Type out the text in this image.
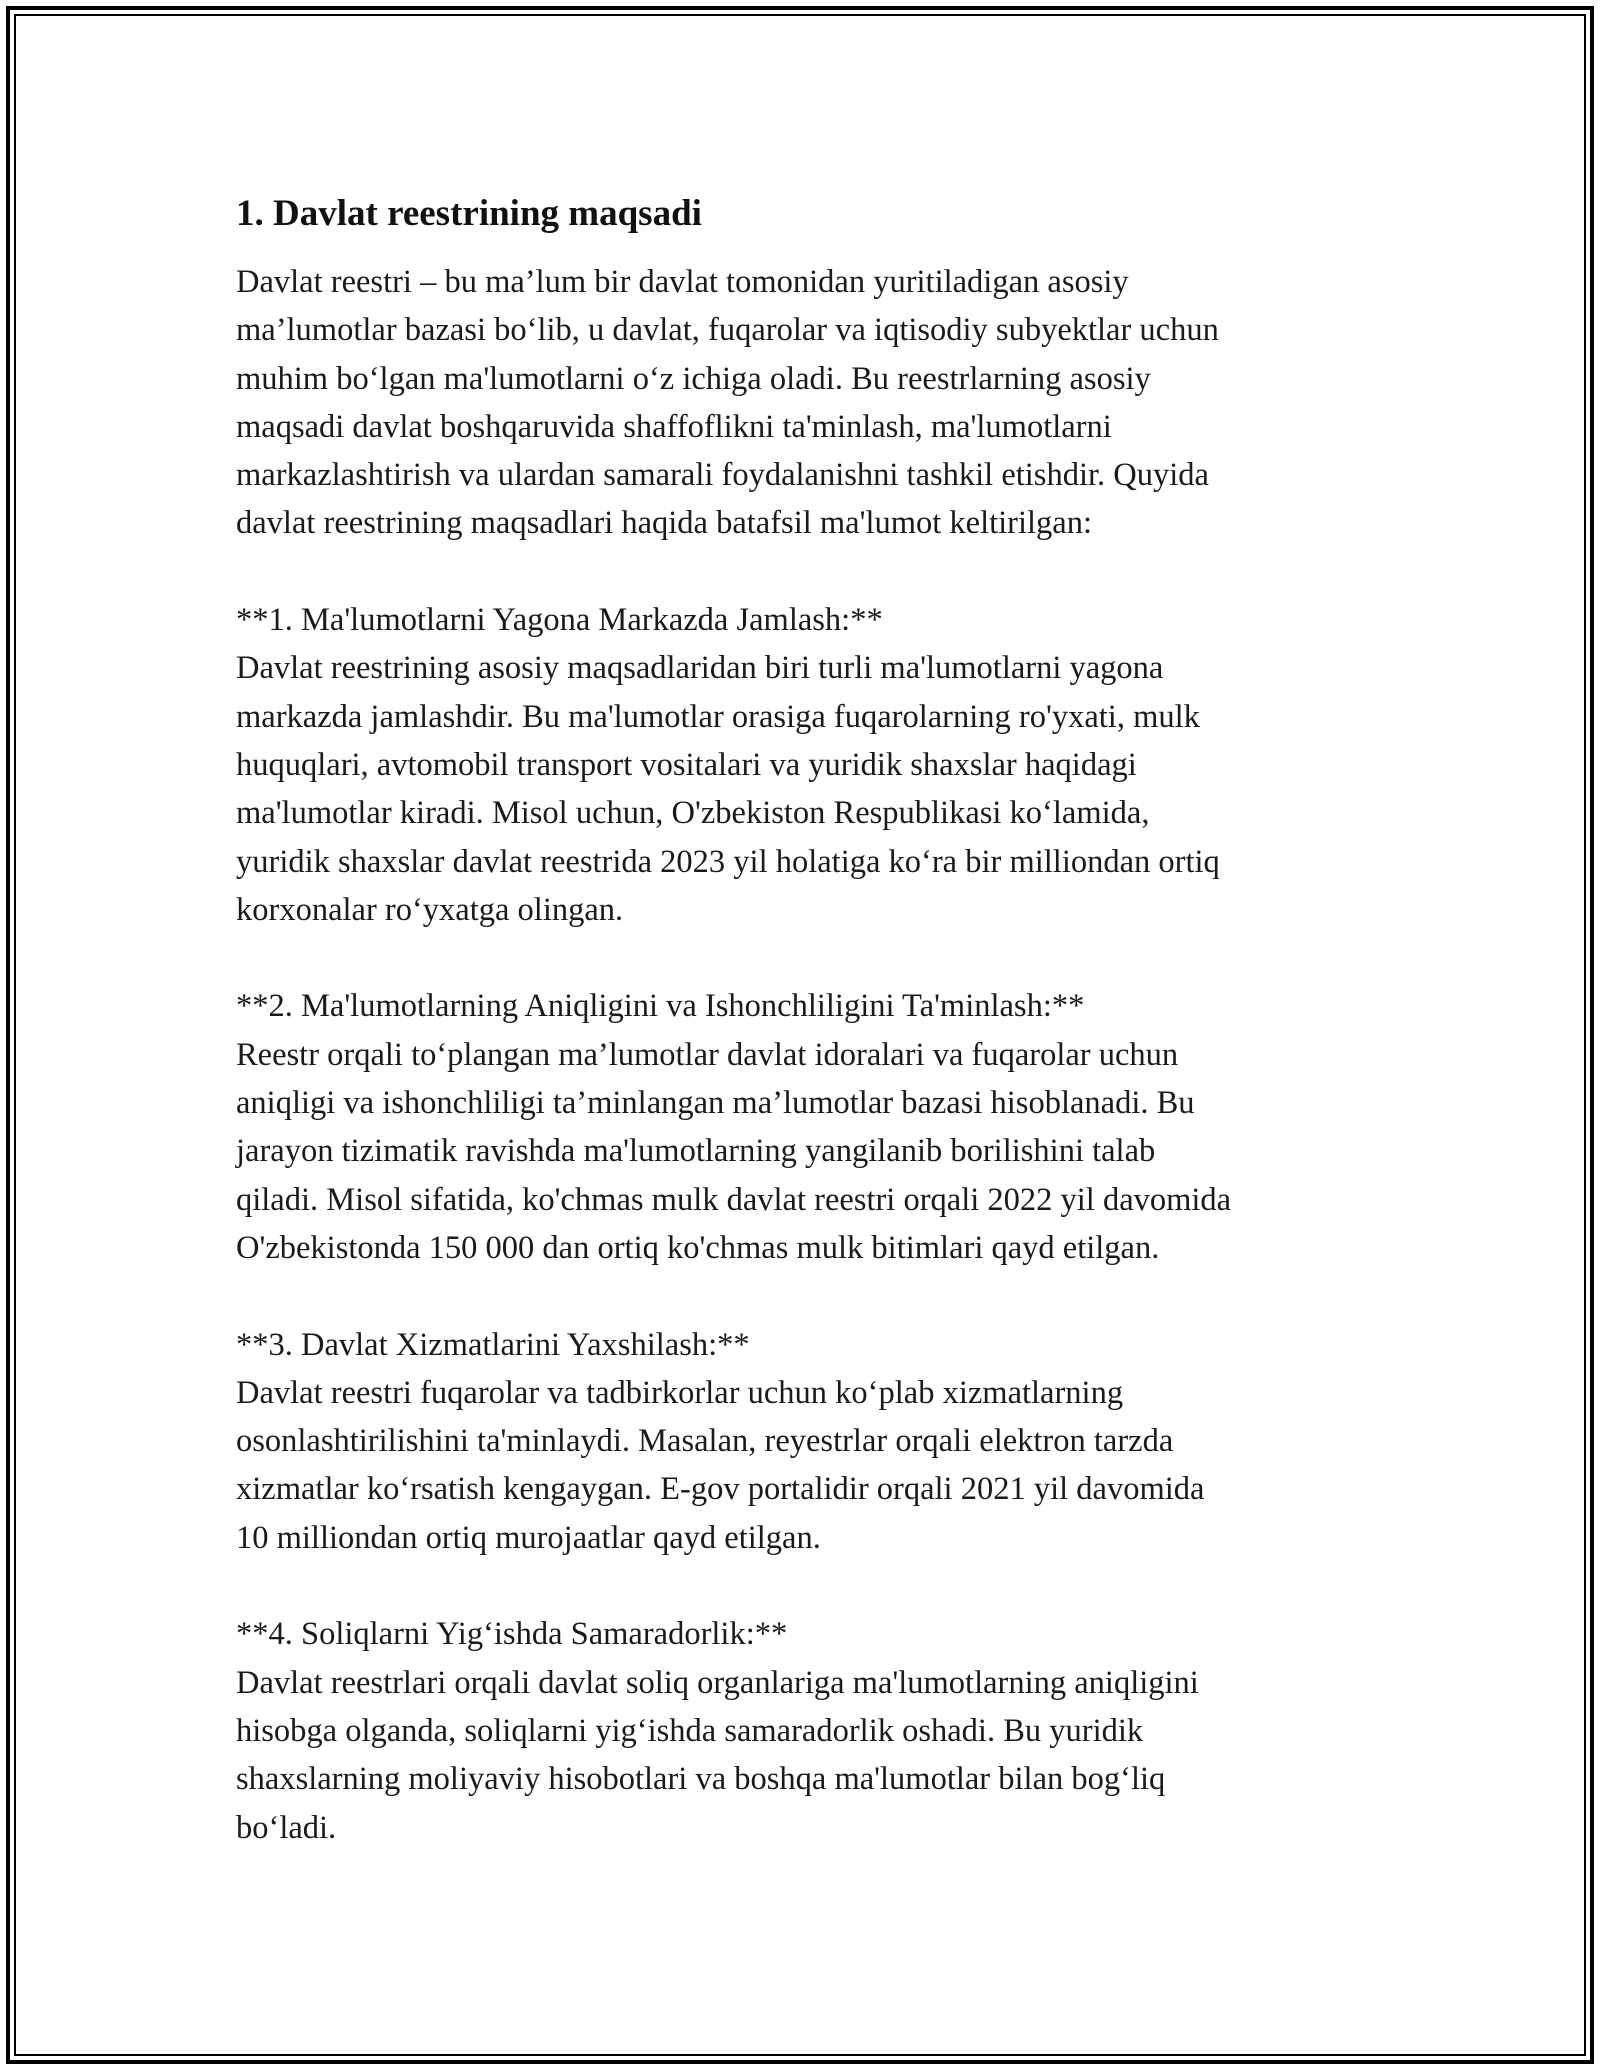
1. Davlat reestrining maqsadi

Davlat reestri – bu ma’lum bir davlat tomonidan yuritiladigan asosiy
ma’lumotlar bazasi bo‘lib, u davlat, fuqarolar va iqtisodiy subyektlar uchun
muhim bo‘lgan ma'lumotlarni o‘z ichiga oladi. Bu reestrlarning asosiy
maqsadi davlat boshqaruvida shaffoflikni ta'minlash, ma'lumotlarni
markazlashtirish va ulardan samarali foydalanishni tashkil etishdir. Quyida
davlat reestrining maqsadlari haqida batafsil ma'lumot keltirilgan:

**1. Ma'lumotlarni Yagona Markazda Jamlash:**

Davlat reestrining asosiy maqsadlaridan biri turli ma'lumotlarni yagona
markazda jamlashdir. Bu ma'lumotlar orasiga fuqarolarning ro'yxati, mulk
huquqlari, avtomobil transport vositalari va yuridik shaxslar haqidagi
ma'lumotlar kiradi. Misol uchun, O'zbekiston Respublikasi ko‘lamida,
yuridik shaxslar davlat reestrida 2023 yil holatiga ko‘ra bir milliondan ortiq
korxonalar ro‘yxatga olingan.

**2. Ma'lumotlarning Aniqligini va Ishonchliligini Ta'minlash:**

Reestr orqali to‘plangan ma’lumotlar davlat idoralari va fuqarolar uchun
aniqligi va ishonchliligi ta’minlangan ma’lumotlar bazasi hisoblanadi. Bu
jarayon tizimatik ravishda ma'lumotlarning yangilanib borilishini talab
qiladi. Misol sifatida, ko'chmas mulk davlat reestri orqali 2022 yil davomida
O'zbekistonda 150 000 dan ortiq ko'chmas mulk bitimlari qayd etilgan.

**3. Davlat Xizmatlarini Yaxshilash:**

Davlat reestri fuqarolar va tadbirkorlar uchun ko‘plab xizmatlarning
osonlashtirilishini ta'minlaydi. Masalan, reyestrlar orqali elektron tarzda
xizmatlar ko‘rsatish kengaygan. E-gov portalidir orqali 2021 yil davomida
10 milliondan ortiq murojaatlar qayd etilgan.

**4. Soliqlarni Yig‘ishda Samaradorlik:**

Davlat reestrlari orqali davlat soliq organlariga ma'lumotlarning aniqligini
hisobga olganda, soliqlarni yig‘ishda samaradorlik oshadi. Bu yuridik
shaxslarning moliyaviy hisobotlari va boshqa ma'lumotlar bilan bog‘liq
bo‘ladi.
